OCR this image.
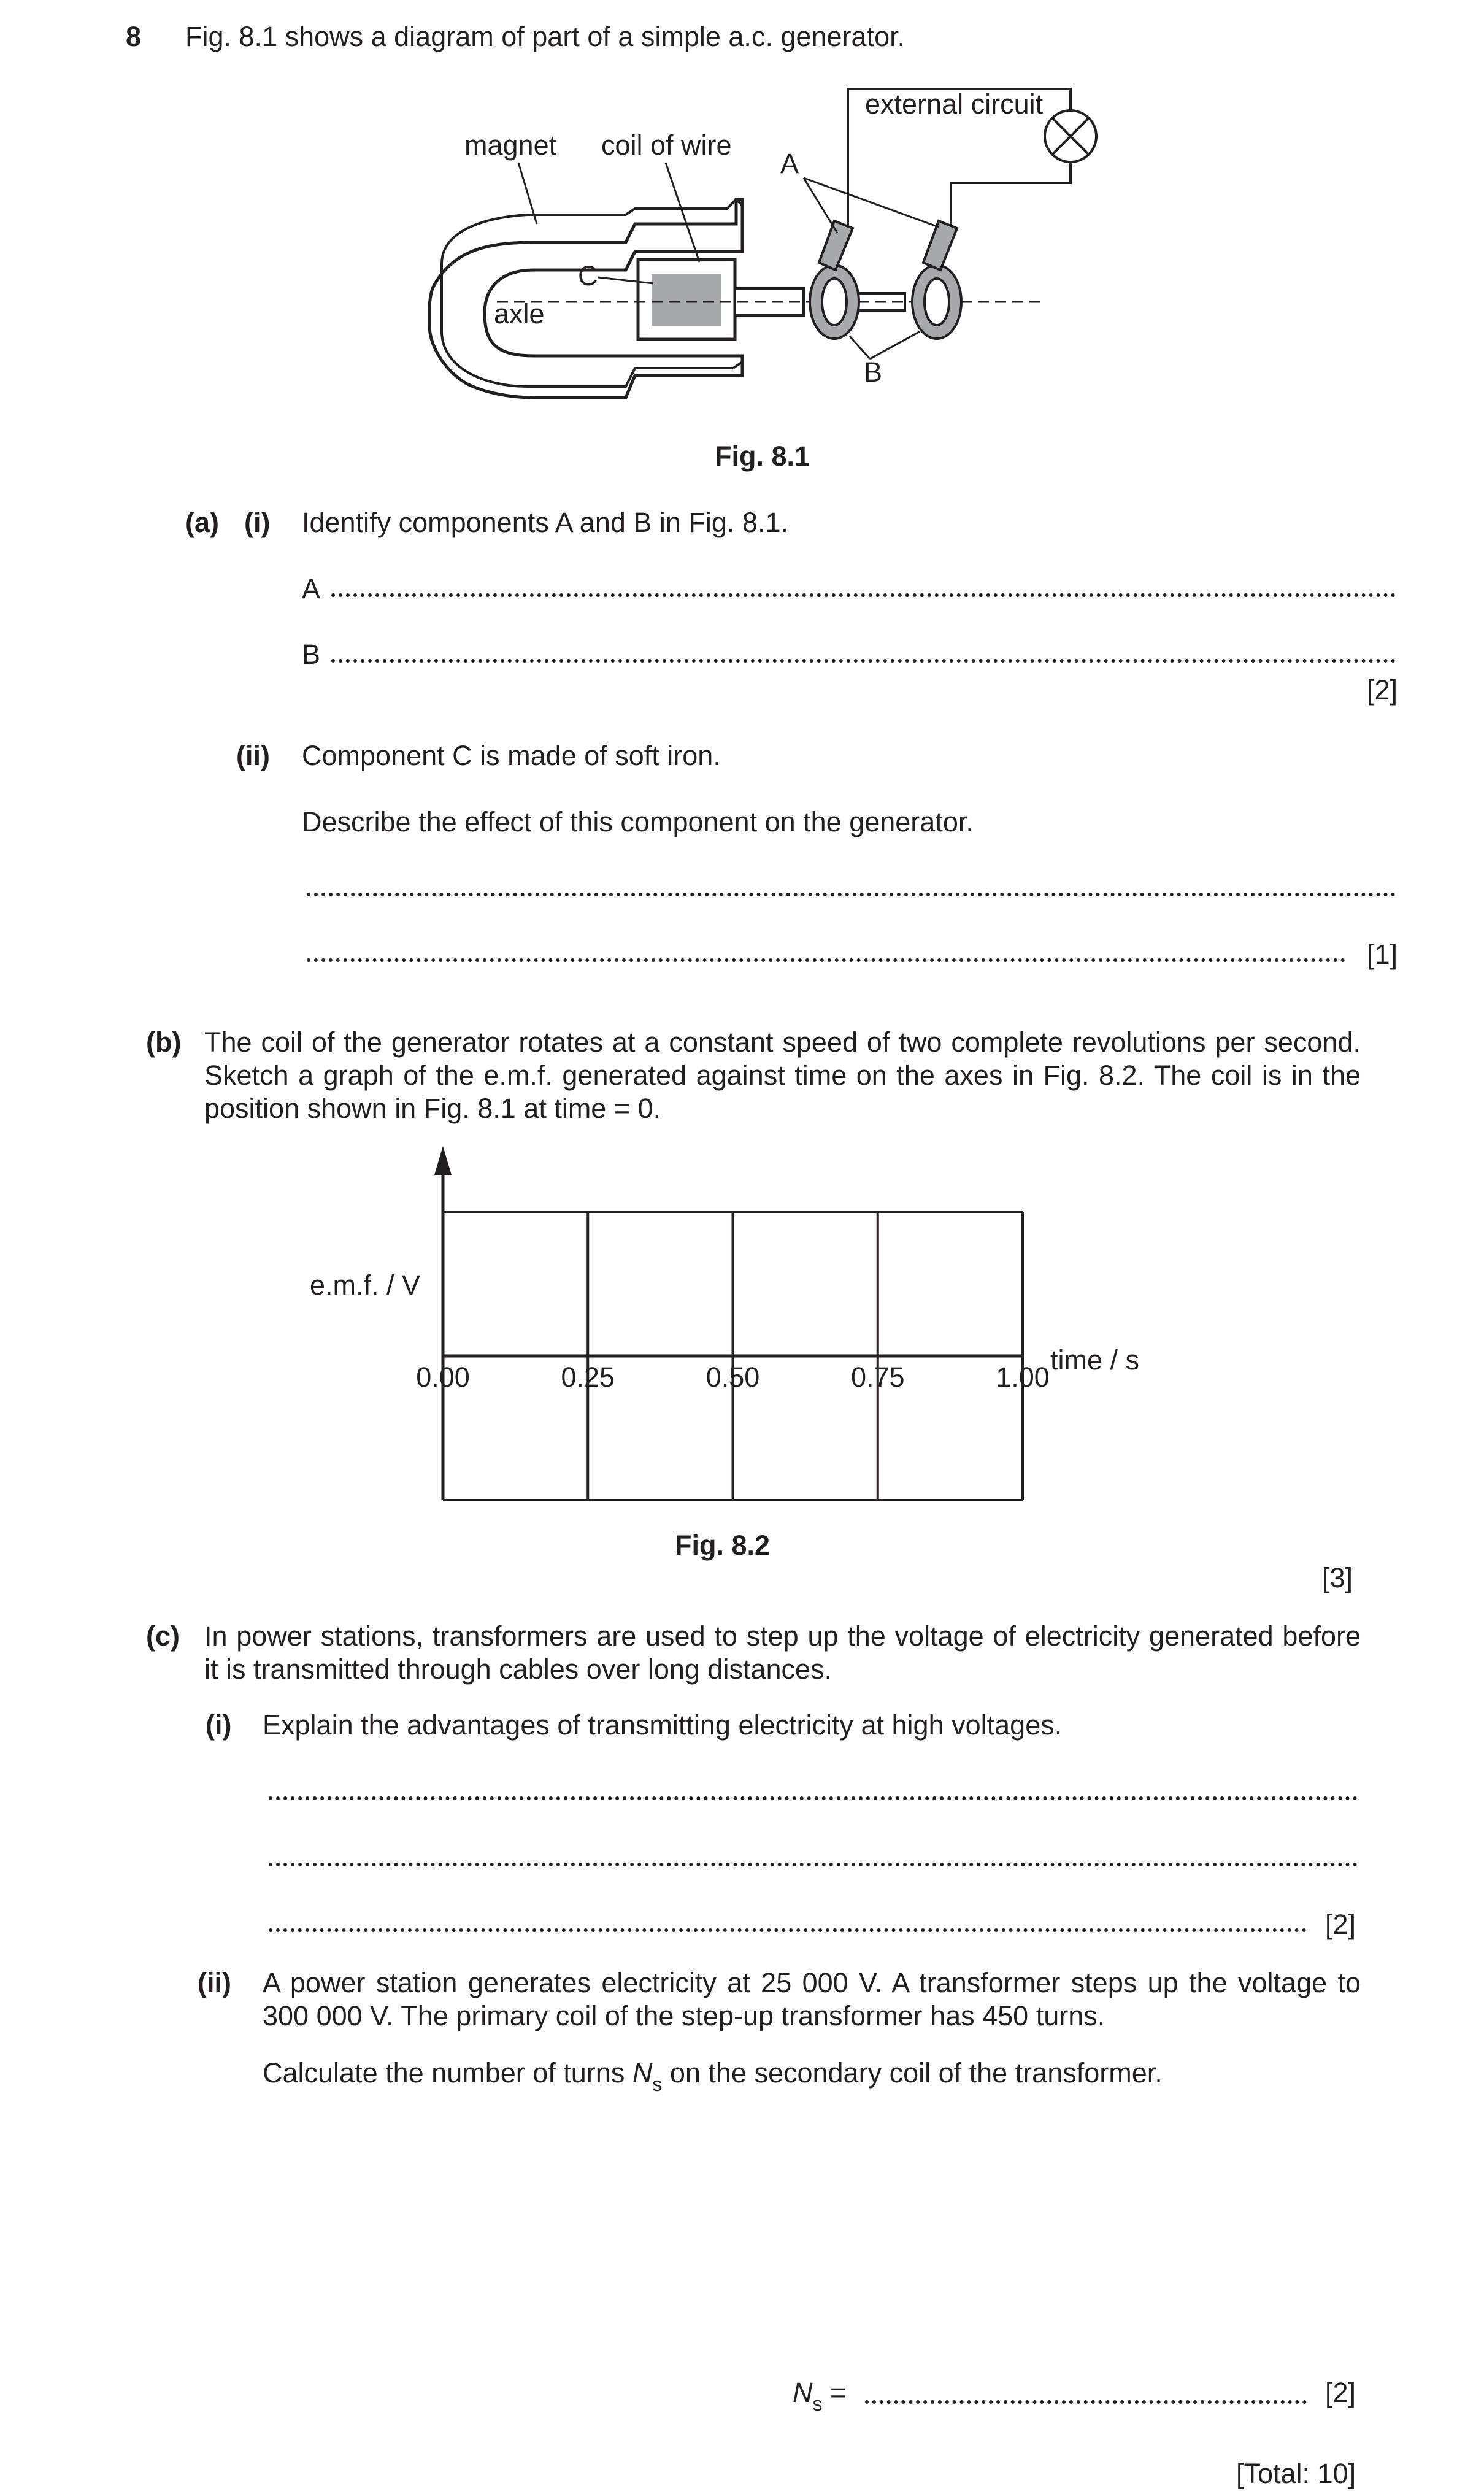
8 Fig. 8.1 shows a diagram of part of a simple a.c. generator.
magnet coil of wire
external circuit
A
C
axle
B
Fig. 8.1
(a) (i) Identify components A and B in Fig. 8.1.
A
B
[2]
(ii) Component C is made of soft iron.
Describe the effect of this component on the generator.
[1]
(b) The coil of the generator rotates at a constant speed of two complete revolutions per second.
Sketch a graph of the e.m.f. generated against time on the axes in Fig. 8.2. The coil is in the
position shown in Fig. 8.1 at time = 0.
0.00	0.25	0.50	0.75	1.00
e.m.f. / V
time / s
Fig. 8.2
[3]
(c) In power stations, transformers are used to step up the voltage of electricity generated before
it is transmitted through cables over long distances.
(i) Explain the advantages of transmitting electricity at high voltages.
[2]
(ii) A power station generates electricity at 25 000 V. A transformer steps up the voltage to
300 000 V. The primary coil of the step-up transformer has 450 turns.
Calculate the number of turns $N_s$ on the secondary coil of the transformer.
$N_s$ =	[2]
[Total: 10]
